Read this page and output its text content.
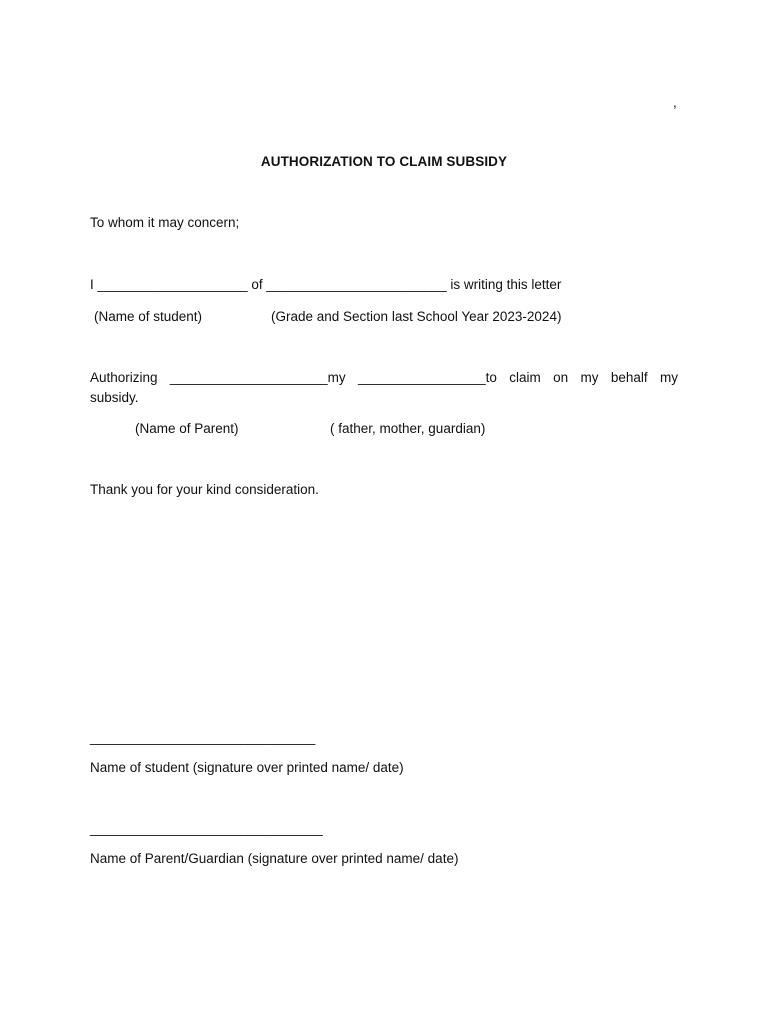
,
AUTHORIZATION TO CLAIM SUBSIDY
To whom it may concern;
I ____________________ of ________________________ is writing this letter
(Name of student)	(Grade and Section last School Year 2023-2024)
Authorizing _____________________my _________________to claim on my behalf my
subsidy.
(Name of Parent)	( father, mother, guardian)
Thank you for your kind consideration.
______________________________
Name of student (signature over printed name/ date)
_______________________________
Name of Parent/Guardian (signature over printed name/ date)
